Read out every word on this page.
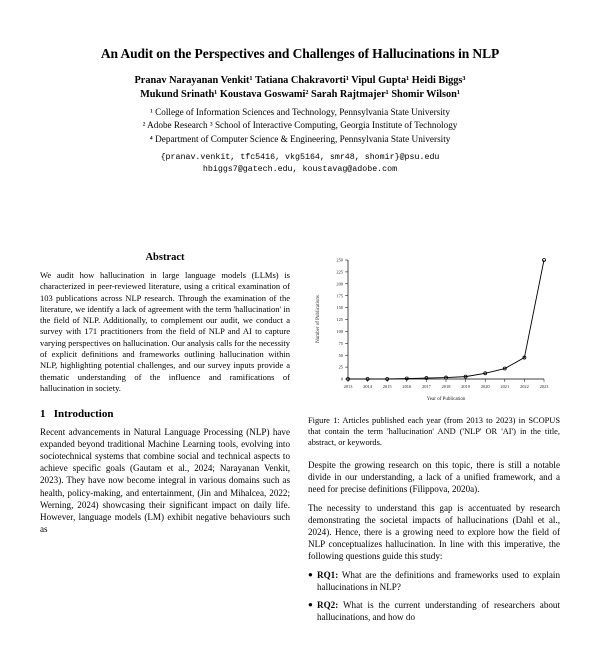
An Audit on the Perspectives and Challenges of Hallucinations in NLP
Pranav Narayanan Venkit¹ Tatiana Chakravorti¹ Vipul Gupta¹ Heidi Biggs³
Mukund Srinath¹ Koustava Goswami² Sarah Rajtmajer¹ Shomir Wilson¹
¹ College of Information Sciences and Technology, Pennsylvania State University
² Adobe Research ³ School of Interactive Computing, Georgia Institute of Technology
⁴ Department of Computer Science & Engineering, Pennsylvania State University
{pranav.venkit, tfc5416, vkg5164, smr48, shomir}@psu.edu
hbiggs7@gatech.edu, koustavag@adobe.com
Abstract

We audit how hallucination in large language models (LLMs) is characterized in peer-reviewed literature, using a critical examination of 103 publications across NLP research. Through the examination of the literature, we identify a lack of agreement with the term 'hallucination' in the field of NLP. Additionally, to complement our audit, we conduct a survey with 171 practitioners from the field of NLP and AI to capture varying perspectives on hallucination. Our analysis calls for the necessity of explicit definitions and frameworks outlining hallucination within NLP, highlighting potential challenges, and our survey inputs provide a thematic understanding of the influence and ramifications of hallucination in society.

1 Introduction

Recent advancements in Natural Language Processing (NLP) have expanded beyond traditional Machine Learning tools, evolving into sociotechnical systems that combine social and technical aspects to achieve specific goals (Gautam et al., 2024; Narayanan Venkit, 2023). They have now become integral in various domains such as health, policy-making, and entertainment, (Jin and Mihalcea, 2022; Werning, 2024) showcasing their significant impact on daily life. However, language models (LM) exhibit negative behaviours such as

0
25
50
75
100
125
150
175
200
225
250
2013 2014 2015 2016 2017 2018 2019 2020 2021 2022 2023
Year of Publication
Number of Publications
Figure 1: Articles published each year (from 2013 to 2023) in SCOPUS that contain the term 'hallucination' AND ('NLP' OR 'AI') in the title, abstract, or keywords.

Despite the growing research on this topic, there is still a notable divide in our understanding, a lack of a unified framework, and a need for precise definitions (Filippova, 2020a).

The necessity to understand this gap is accentuated by research demonstrating the societal impacts of hallucinations (Dahl et al., 2024). Hence, there is a growing need to explore how the field of NLP conceptualizes hallucination. In line with this imperative, the following questions guide this study:

● RQ1: What are the definitions and frameworks used to explain hallucinations in NLP?
● RQ2: What is the current understanding of researchers about hallucinations, and how do
